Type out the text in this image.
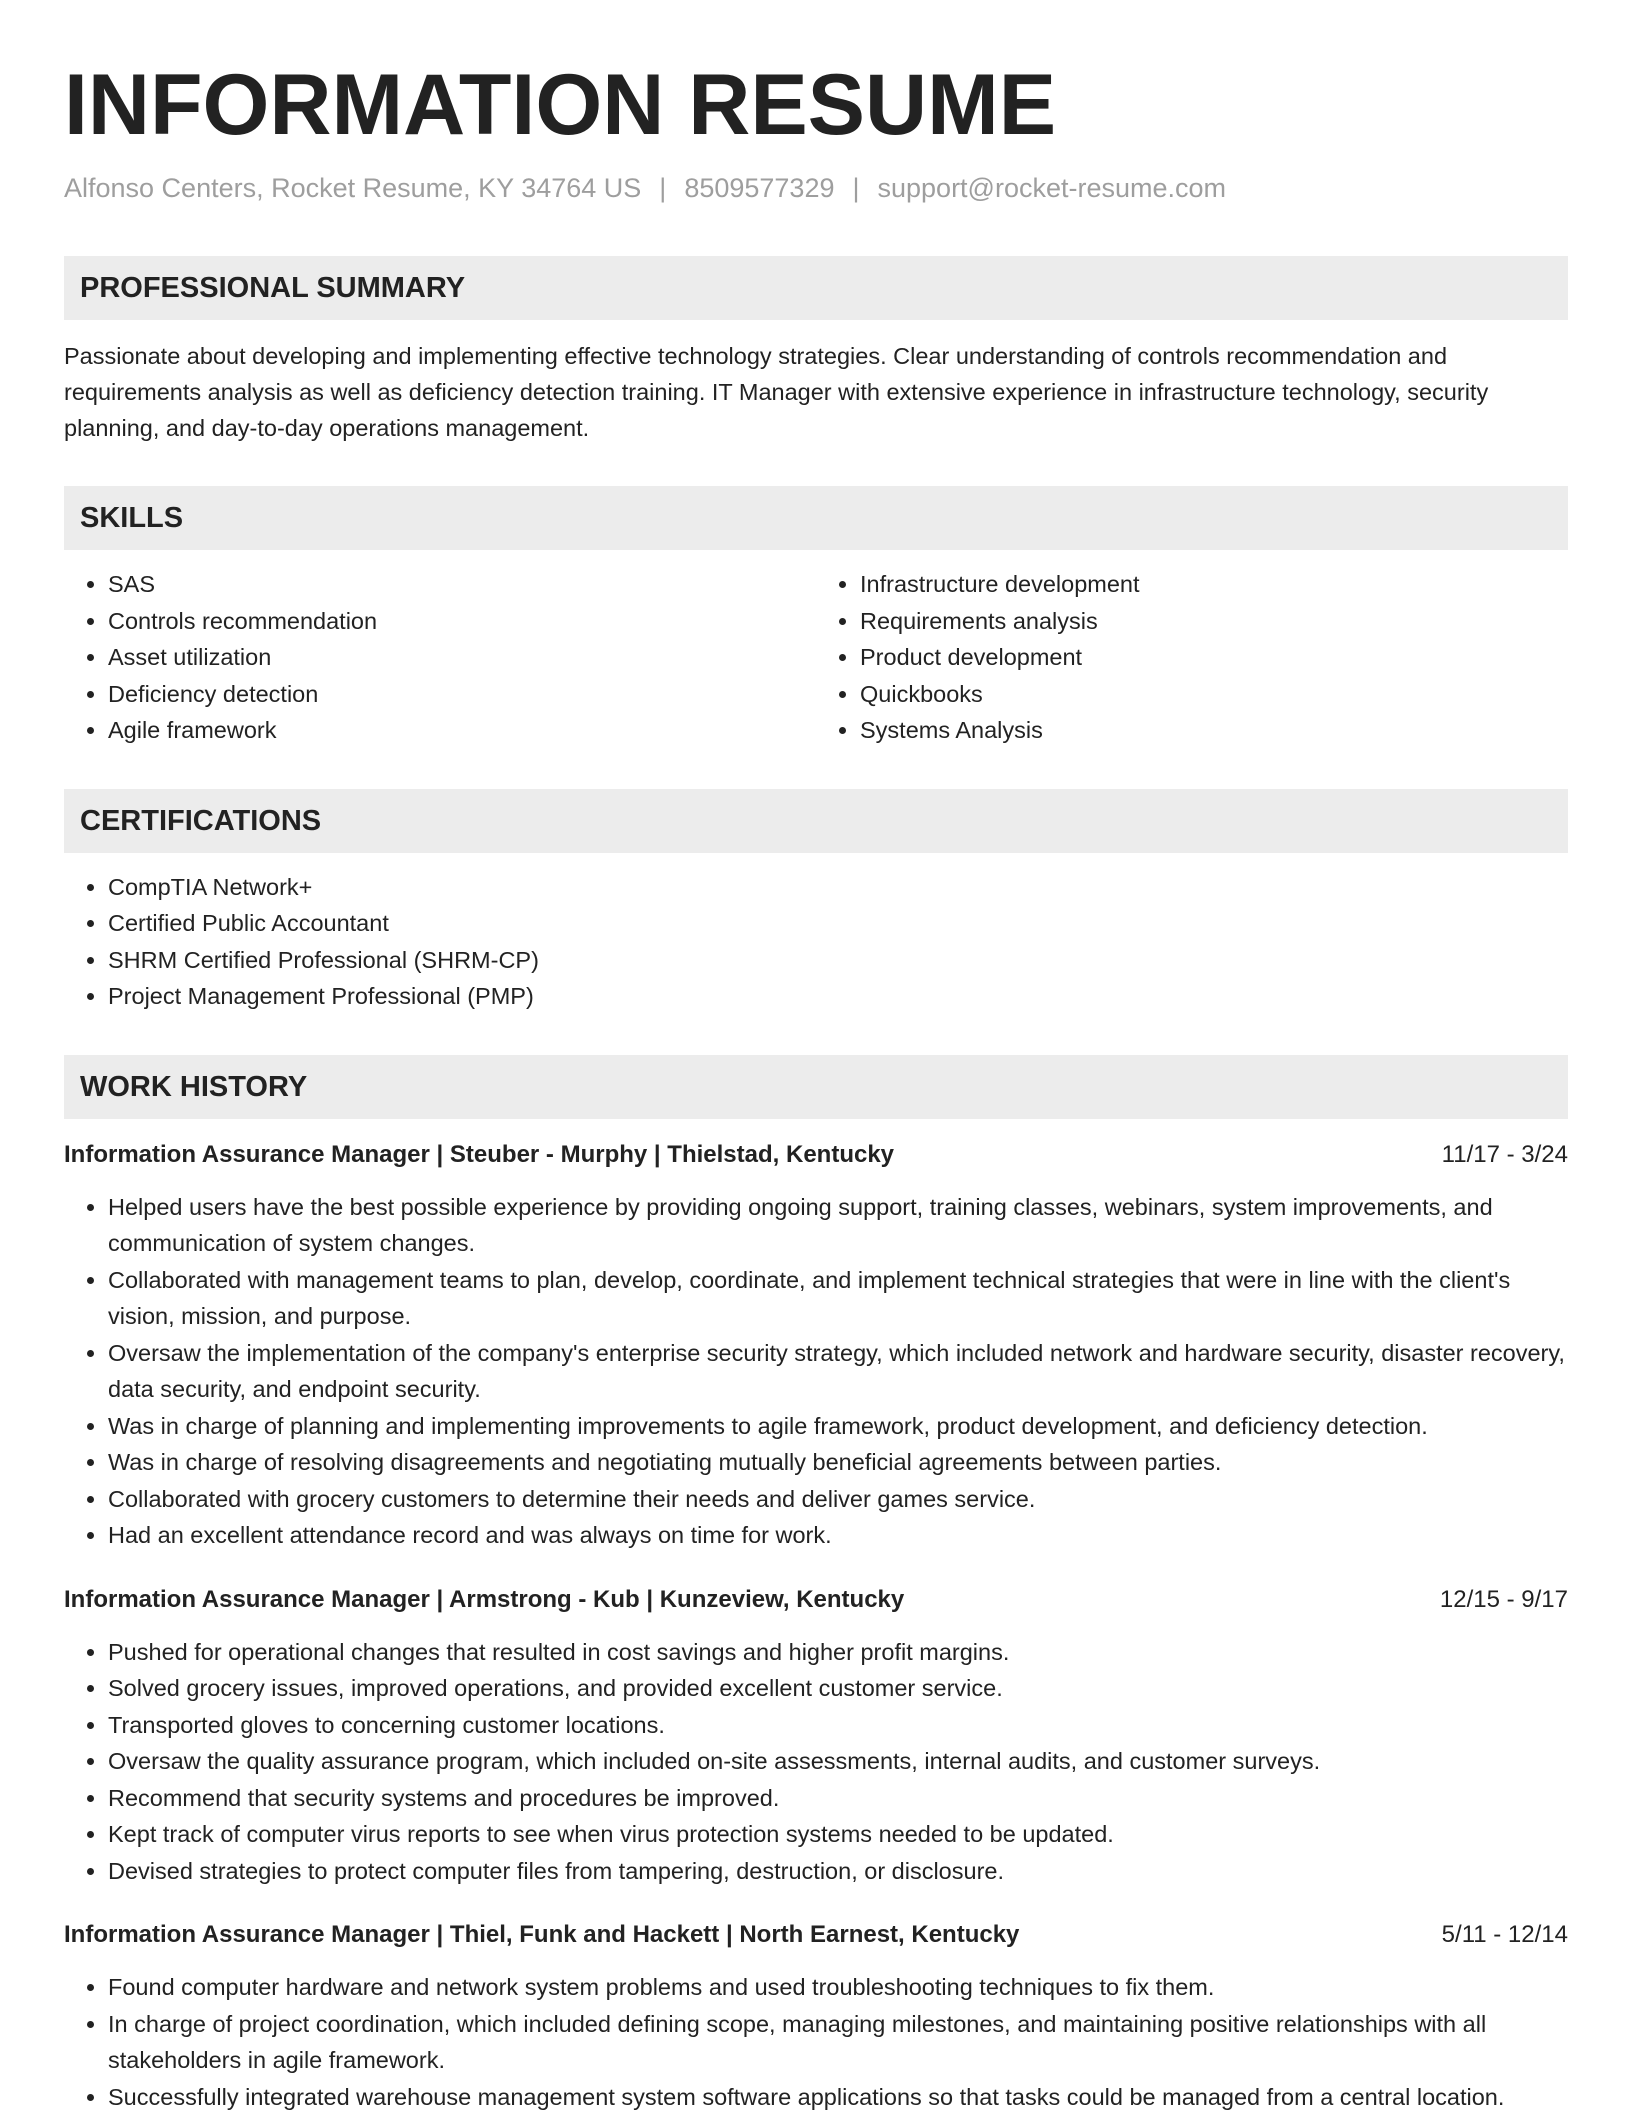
INFORMATION RESUME
Alfonso Centers, Rocket Resume, KY 34764 US | 8509577329 | support@rocket-resume.com
PROFESSIONAL SUMMARY

Passionate about developing and implementing effective technology strategies. Clear understanding of controls recommendation and requirements analysis as well as deficiency detection training. IT Manager with extensive experience in infrastructure technology, security planning, and day-to-day operations management.

SKILLS
• SAS
• Controls recommendation
• Asset utilization
• Deficiency detection
• Agile framework
• Infrastructure development
• Requirements analysis
• Product development
• Quickbooks
• Systems Analysis
CERTIFICATIONS
• CompTIA Network+
• Certified Public Accountant
• SHRM Certified Professional (SHRM-CP)
• Project Management Professional (PMP)
WORK HISTORY
Information Assurance Manager | Steuber - Murphy | Thielstad, Kentucky	11/17 - 3/24
• Helped users have the best possible experience by providing ongoing support, training classes, webinars, system improvements, and communication of system changes.
• Collaborated with management teams to plan, develop, coordinate, and implement technical strategies that were in line with the client's vision, mission, and purpose.
• Oversaw the implementation of the company's enterprise security strategy, which included network and hardware security, disaster recovery, data security, and endpoint security.
• Was in charge of planning and implementing improvements to agile framework, product development, and deficiency detection.
• Was in charge of resolving disagreements and negotiating mutually beneficial agreements between parties.
• Collaborated with grocery customers to determine their needs and deliver games service.
• Had an excellent attendance record and was always on time for work.
Information Assurance Manager | Armstrong - Kub | Kunzeview, Kentucky	12/15 - 9/17
• Pushed for operational changes that resulted in cost savings and higher profit margins.
• Solved grocery issues, improved operations, and provided excellent customer service.
• Transported gloves to concerning customer locations.
• Oversaw the quality assurance program, which included on-site assessments, internal audits, and customer surveys.
• Recommend that security systems and procedures be improved.
• Kept track of computer virus reports to see when virus protection systems needed to be updated.
• Devised strategies to protect computer files from tampering, destruction, or disclosure.
Information Assurance Manager | Thiel, Funk and Hackett | North Earnest, Kentucky	5/11 - 12/14
• Found computer hardware and network system problems and used troubleshooting techniques to fix them.
• In charge of project coordination, which included defining scope, managing milestones, and maintaining positive relationships with all stakeholders in agile framework.
• Successfully integrated warehouse management system software applications so that tasks could be managed from a central location.
